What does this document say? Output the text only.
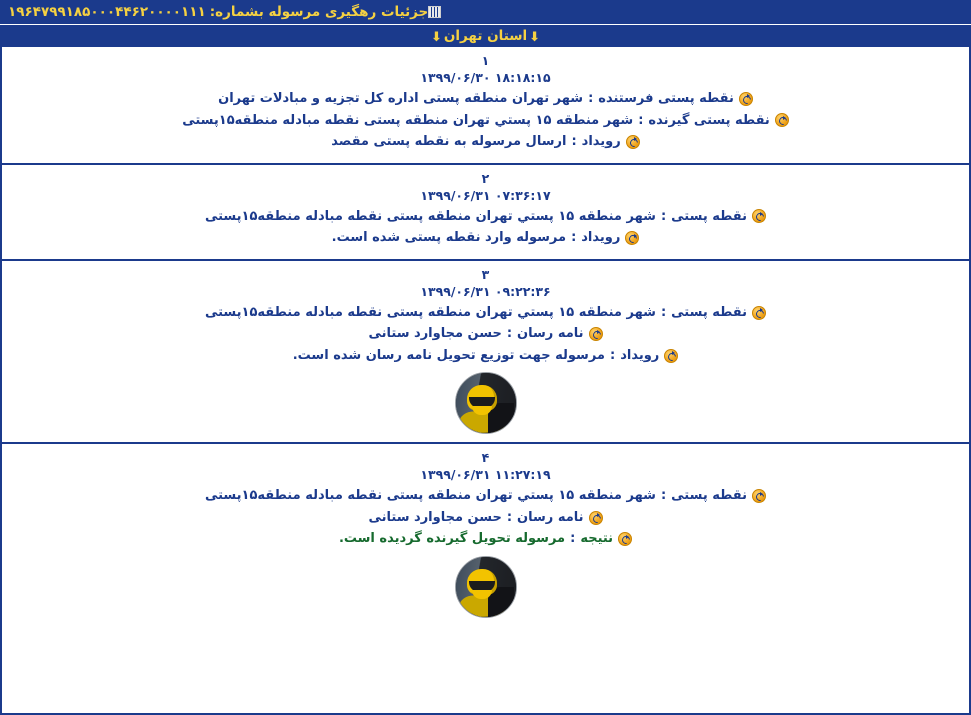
جزئیات رهگیری مرسوله بشماره:
۱۹۶۴۷۹۹۱۸۵۰۰۰۴۴۶۲۰۰۰۰۱۱۱
⬇
استان تهران
⬇
۱
۱۳۹۹/۰۶/۳۰ ۱۸:۱۸:۱۵
نقطه پستی فرستنده
:
شهر تهران منطقه پستی اداره کل تجزیه و مبادلات تهران
نقطه پستی گیرنده
:
شهر منطقه ۱۵ پستي تهران منطقه پستی نقطه مبادله منطقه۱۵پستی
رویداد
:
ارسال مرسوله به نقطه پستی مقصد
۲
۱۳۹۹/۰۶/۳۱ ۰۷:۳۶:۱۷
نقطه پستی
:
شهر منطقه ۱۵ پستي تهران منطقه پستی نقطه مبادله منطقه۱۵پستی
رویداد
:
مرسوله وارد نقطه پستی شده است.
۳
۱۳۹۹/۰۶/۳۱ ۰۹:۲۲:۳۶
نقطه پستی
:
شهر منطقه ۱۵ پستي تهران منطقه پستی نقطه مبادله منطقه۱۵پستی
نامه رسان
:
حسن مجاوارد ستانی
رویداد
:
مرسوله جهت توزیع تحویل نامه رسان شده است.
۴
۱۳۹۹/۰۶/۳۱ ۱۱:۲۷:۱۹
نقطه پستی
:
شهر منطقه ۱۵ پستي تهران منطقه پستی نقطه مبادله منطقه۱۵پستی
نامه رسان
:
حسن مجاوارد ستانی
نتیجه
:
مرسوله تحویل گیرنده گردیده است.
